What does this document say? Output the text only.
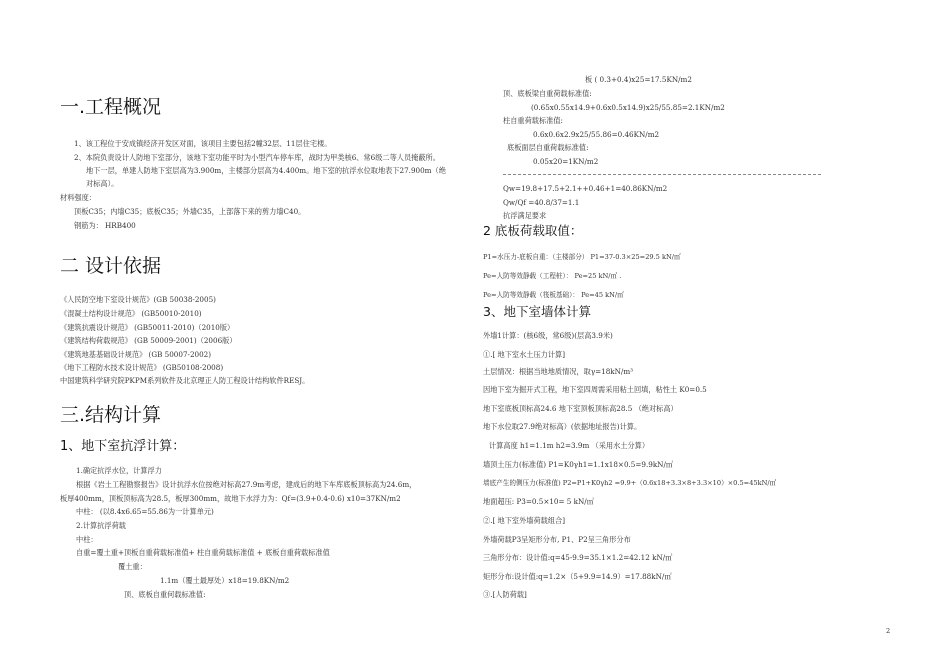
一.工程概况
1、该工程位于安成镇经济开发区对面，该项目主要包括2幢32层、11层住宅楼。
2、本院负责设计人防地下室部分，该地下室功能平时为小型汽车停车库，战时为甲类核6、常6级二等人员掩蔽所。
地下一层，单建人防地下室层高为3.900m，主楼部分层高为4.400m。地下室的抗浮水位取地表下27.900m（绝
对标高）。
材料强度：
顶板C35；内墙C35；底板C35；外墙C35，上部落下来的剪力墙C40。
钢筋为： HRB400
二 设计依据
《人民防空地下室设计规范》(GB 50038-2005)
《混凝土结构设计规范》 (GB50010-2010)
《建筑抗震设计规范》 (GB50011-2010)（2010版）
《建筑结构荷载规范》 (GB 50009-2001)（2006版）
《建筑地基基础设计规范》 (GB 50007-2002)
《地下工程防水技术设计规范》 (GB50108-2008)
中国建筑科学研究院PKPM系列软件及北京理正人防工程设计结构软件RESJ。
三.结构计算
1、地下室抗浮计算：
1.确定抗浮水位，计算浮力
根据《岩土工程勘察报告》设计抗浮水位按绝对标高27.9m考虑，建成后的地下车库底板顶标高为24.6m，
板厚400mm，顶板顶标高为28.5，板厚300mm，故地下水浮力为：Qf=(3.9+0.4-0.6) x10=37KN/m2
中柱： (以8.4x6.65=55.86为一计算单元)
2.计算抗浮荷载
中柱：
自重=覆土重+顶板自重荷载标准值+ 柱自重荷载标准值 + 底板自重荷载标准值
覆土重：
1.1m（覆土最厚处）x18=19.8KN/m2
顶、底板自重何载标准值:
板 ( 0.3+0.4)x25=17.5KN/m2
顶、底板梁自重荷载标准值:
(0.65x0.55x14.9+0.6x0.5x14.9)x25/55.85=2.1KN/m2
柱自重荷载标准值:
0.6x0.6x2.9x25/55.86=0.46KN/m2
底板面层自重荷载标准值:
0.05x20=1KN/m2
Qw=19.8+17.5+2.1++0.46+1=40.86KN/m2
Qw/Qf =40.8/37=1.1
抗浮满足要求
2 底板荷载取值：
P1=水压力-底板自重：（主楼部分） P1=37-0.3×25=29.5 kN/㎡
Pe=人防等效静载（工程桩）： Pe=25 kN/㎡ .
Pe=人防等效静载（筏板基础）： Pe=45 kN/㎡
3、地下室墙体计算
外墙1计算：(核6级，常6级)(层高3.9米)
①.[ 地下室水土压力计算]
土层情况：根据当地地质情况，取γ=18kN/m³
因地下室为掘开式工程，地下室四周需采用粘土回填，粘性土 K0=0.5
地下室底板顶标高24.6 地下室顶板顶标高28.5 （绝对标高）
地下水位取27.9绝对标高）(依据地址报告)计算。
计算高度 h1=1.1m h2=3.9m （采用水土分算）
墙顶土压力(标准值) P1=K0γh1=1.1x18×0.5=9.9kN/㎡
墙底产生的侧压力(标准值) P2=P1+K0γh2 =9.9+（0.6x18+3.3×8+3.3×10）×0.5=45kN/㎡
地面超压: P3=0.5×10= 5 kN/㎡
②.[ 地下室外墙荷载组合]
外墙荷载P3呈矩形分布, P1、P2呈三角形分布
三角形分布：设计值:q=45-9.9=35.1×1.2=42.12 kN/㎡
矩形分布:设计值:q=1.2×（5+9.9=14.9）=17.88kN/㎡
③.[人防荷载]
2
